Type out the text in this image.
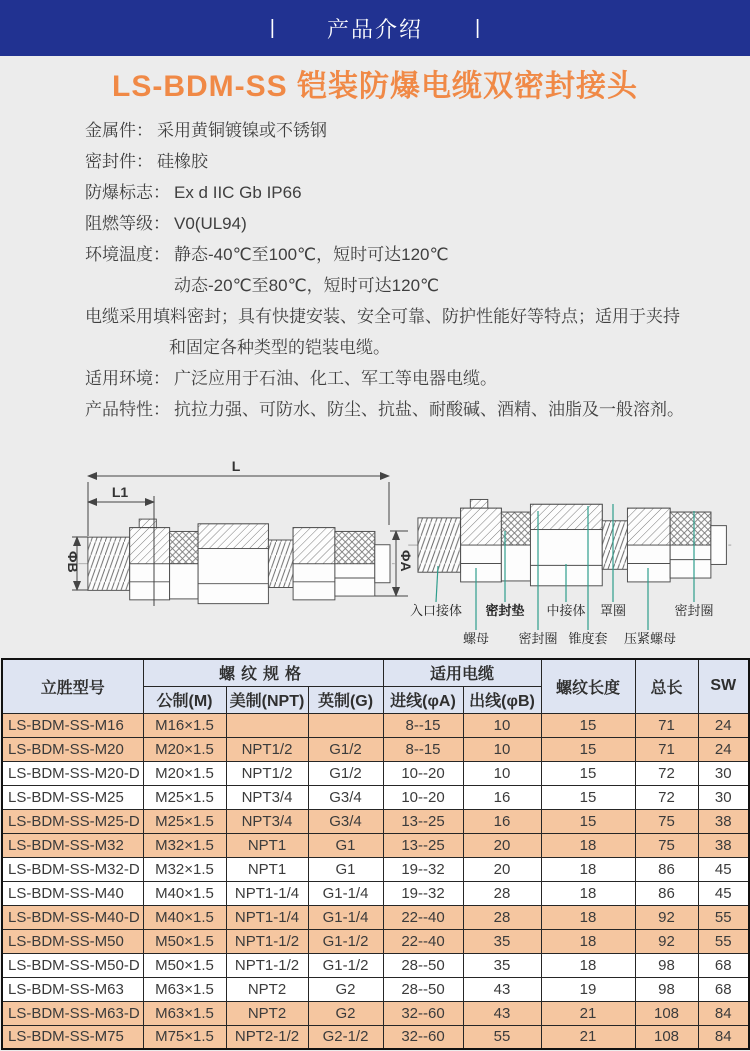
| 产品介绍	|
LS-BDM-SS 铠装防爆电缆双密封接头
金属件： 采用黄铜镀镍或不锈钢
密封件： 硅橡胶
防爆标志： Ex d IIC Gb IP66
阻燃等级： V0(UL94)
环境温度： 静态-40℃至100℃，短时可达120℃
动态-20℃至80℃，短时可达120℃
电缆采用填料密封；具有快捷安装、安全可靠、防护性能好等特点；适用于夹持和固定各种类型的铠装电缆。
适用环境： 广泛应用于石油、化工、军工等电器电缆。
产品特性： 抗拉力强、可防水、防尘、抗盐、耐酸碱、酒精、油脂及一般溶剂。
L
L1
ΦB	ΦA
入口接体 密封垫 中接体 罩圈	密封圈
螺母 密封圈 锥度套 压紧螺母
立胜型号	螺纹规格			适用电缆		螺纹长度	总长	SW
	公制(M)	美制(NPT)	英制(G)	进线(φA)	出线(φB)			
LS-BDM-SS-M16	M16×1.5			8--15	10	15	71	24
LS-BDM-SS-M20	M20×1.5	NPT1/2	G1/2	8--15	10	15	71	24
LS-BDM-SS-M20-D	M20×1.5	NPT1/2	G1/2	10--20	10	15	72	30
LS-BDM-SS-M25	M25×1.5	NPT3/4	G3/4	10--20	16	15	72	30
LS-BDM-SS-M25-D	M25×1.5	NPT3/4	G3/4	13--25	16	15	75	38
LS-BDM-SS-M32	M32×1.5	NPT1	G1	13--25	20	18	75	38
LS-BDM-SS-M32-D	M32×1.5	NPT1	G1	19--32	20	18	86	45
LS-BDM-SS-M40	M40×1.5	NPT1-1/4	G1-1/4	19--32	28	18	86	45
LS-BDM-SS-M40-D	M40×1.5	NPT1-1/4	G1-1/4	22--40	28	18	92	55
LS-BDM-SS-M50	M50×1.5	NPT1-1/2	G1-1/2	22--40	35	18	92	55
LS-BDM-SS-M50-D	M50×1.5	NPT1-1/2	G1-1/2	28--50	35	18	98	68
LS-BDM-SS-M63	M63×1.5	NPT2	G2	28--50	43	19	98	68
LS-BDM-SS-M63-D	M63×1.5	NPT2	G2	32--60	43	21	108	84
LS-BDM-SS-M75	M75×1.5	NPT2-1/2	G2-1/2	32--60	55	21	108	84
